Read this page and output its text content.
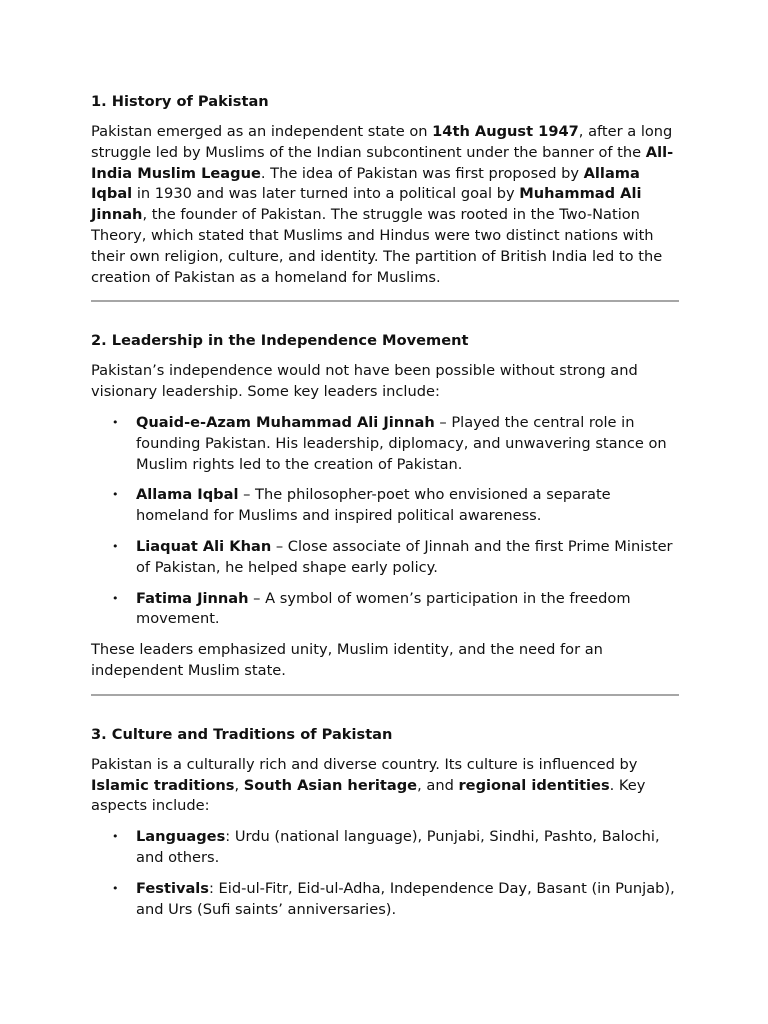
1. History of Pakistan

Pakistan emerged as an independent state on 14th August 1947, after a long struggle led by Muslims of the Indian subcontinent under the banner of the All-India Muslim League. The idea of Pakistan was first proposed by Allama Iqbal in 1930 and was later turned into a political goal by Muhammad Ali Jinnah, the founder of Pakistan. The struggle was rooted in the Two-Nation Theory, which stated that Muslims and Hindus were two distinct nations with their own religion, culture, and identity. The partition of British India led to the creation of Pakistan as a homeland for Muslims.

2. Leadership in the Independence Movement

Pakistan’s independence would not have been possible without strong and visionary leadership. Some key leaders include:

• Quaid-e-Azam Muhammad Ali Jinnah – Played the central role in founding Pakistan. His leadership, diplomacy, and unwavering stance on Muslim rights led to the creation of Pakistan.
• Allama Iqbal – The philosopher-poet who envisioned a separate homeland for Muslims and inspired political awareness.
• Liaquat Ali Khan – Close associate of Jinnah and the first Prime Minister of Pakistan, he helped shape early policy.
• Fatima Jinnah – A symbol of women’s participation in the freedom movement.

These leaders emphasized unity, Muslim identity, and the need for an independent Muslim state.

3. Culture and Traditions of Pakistan

Pakistan is a culturally rich and diverse country. Its culture is influenced by Islamic traditions, South Asian heritage, and regional identities. Key aspects include:

• Languages: Urdu (national language), Punjabi, Sindhi, Pashto, Balochi, and others.
• Festivals: Eid-ul-Fitr, Eid-ul-Adha, Independence Day, Basant (in Punjab), and Urs (Sufi saints’ anniversaries).
